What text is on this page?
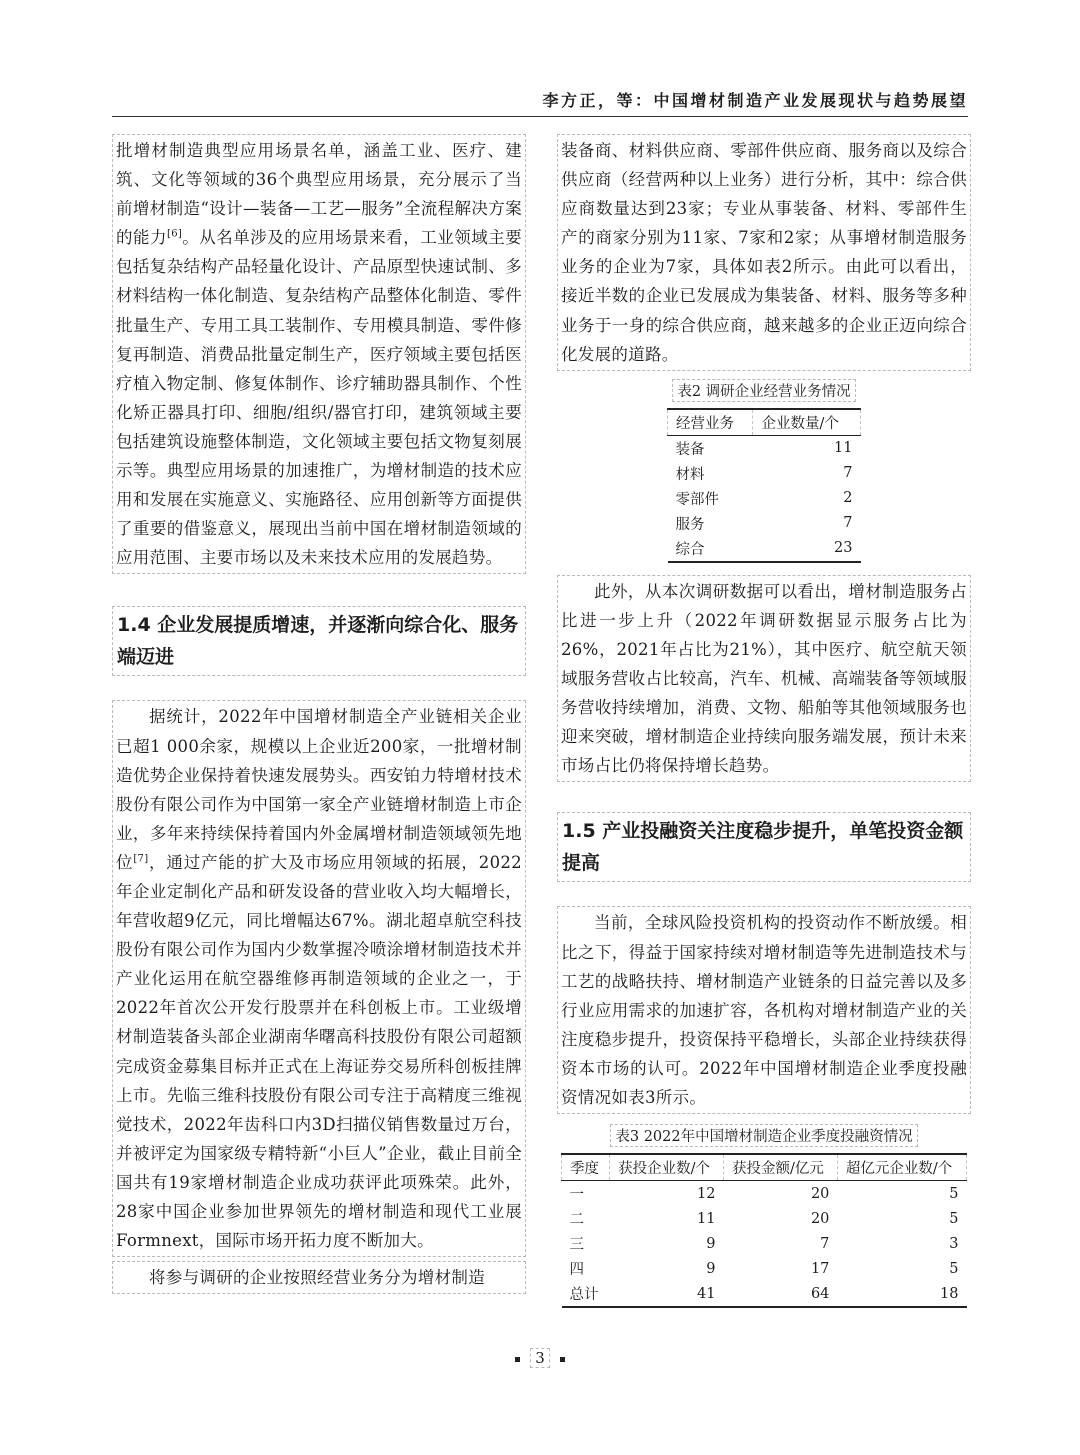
李方正，等：中国增材制造产业发展现状与趋势展望

批增材制造典型应用场景名单，涵盖工业、医疗、建筑、文化等领域的36个典型应用场景，充分展示了当前增材制造“设计—装备—工艺—服务”全流程解决方案的能力[6]。从名单涉及的应用场景来看，工业领域主要包括复杂结构产品轻量化设计、产品原型快速试制、多材料结构一体化制造、复杂结构产品整体化制造、零件批量生产、专用工具工装制作、专用模具制造、零件修复再制造、消费品批量定制生产，医疗领域主要包括医疗植入物定制、修复体制作、诊疗辅助器具制作、个性化矫正器具打印、细胞/组织/器官打印，建筑领域主要包括建筑设施整体制造，文化领域主要包括文物复刻展示等。典型应用场景的加速推广，为增材制造的技术应用和发展在实施意义、实施路径、应用创新等方面提供了重要的借鉴意义，展现出当前中国在增材制造领域的应用范围、主要市场以及未来技术应用的发展趋势。

1.4 企业发展提质增速，并逐渐向综合化、服务端迈进

据统计，2022年中国增材制造全产业链相关企业已超1 000余家，规模以上企业近200家，一批增材制造优势企业保持着快速发展势头。西安铂力特增材技术股份有限公司作为中国第一家全产业链增材制造上市企业，多年来持续保持着国内外金属增材制造领域领先地位[7]，通过产能的扩大及市场应用领域的拓展，2022年企业定制化产品和研发设备的营业收入均大幅增长，年营收超9亿元，同比增幅达67%。湖北超卓航空科技股份有限公司作为国内少数掌握冷喷涂增材制造技术并产业化运用在航空器维修再制造领域的企业之一，于2022年首次公开发行股票并在科创板上市。工业级增材制造装备头部企业湖南华曙高科技股份有限公司超额完成资金募集目标并正式在上海证券交易所科创板挂牌上市。先临三维科技股份有限公司专注于高精度三维视觉技术，2022年齿科口内3D扫描仪销售数量过万台，并被评定为国家级专精特新“小巨人”企业，截止目前全国共有19家增材制造企业成功获评此项殊荣。此外，28家中国企业参加世界领先的增材制造和现代工业展Formnext，国际市场开拓力度不断加大。

将参与调研的企业按照经营业务分为增材制造

装备商、材料供应商、零部件供应商、服务商以及综合供应商（经营两种以上业务）进行分析，其中：综合供应商数量达到23家；专业从事装备、材料、零部件生产的商家分别为11家、7家和2家；从事增材制造服务业务的企业为7家，具体如表2所示。由此可以看出，接近半数的企业已发展成为集装备、材料、服务等多种业务于一身的综合供应商，越来越多的企业正迈向综合化发展的道路。

表2 调研企业经营业务情况
经营业务	企业数量/个
装备	11
材料	7
零部件	2
服务	7
综合	23

此外，从本次调研数据可以看出，增材制造服务占比进一步上升（2022年调研数据显示服务占比为26%，2021年占比为21%），其中医疗、航空航天领域服务营收占比较高，汽车、机械、高端装备等领域服务营收持续增加，消费、文物、船舶等其他领域服务也迎来突破，增材制造企业持续向服务端发展，预计未来市场占比仍将保持增长趋势。

1.5 产业投融资关注度稳步提升，单笔投资金额提高

当前，全球风险投资机构的投资动作不断放缓。相比之下，得益于国家持续对增材制造等先进制造技术与工艺的战略扶持、增材制造产业链条的日益完善以及多行业应用需求的加速扩容，各机构对增材制造产业的关注度稳步提升，投资保持平稳增长，头部企业持续获得资本市场的认可。2022年中国增材制造企业季度投融资情况如表3所示。

表3 2022年中国增材制造企业季度投融资情况
季度	获投企业数/个	获投金额/亿元	超亿元企业数/个
一	12	20	5
二	11	20	5
三	9	7	3
四	9	17	5
总计	41	64	18
3
